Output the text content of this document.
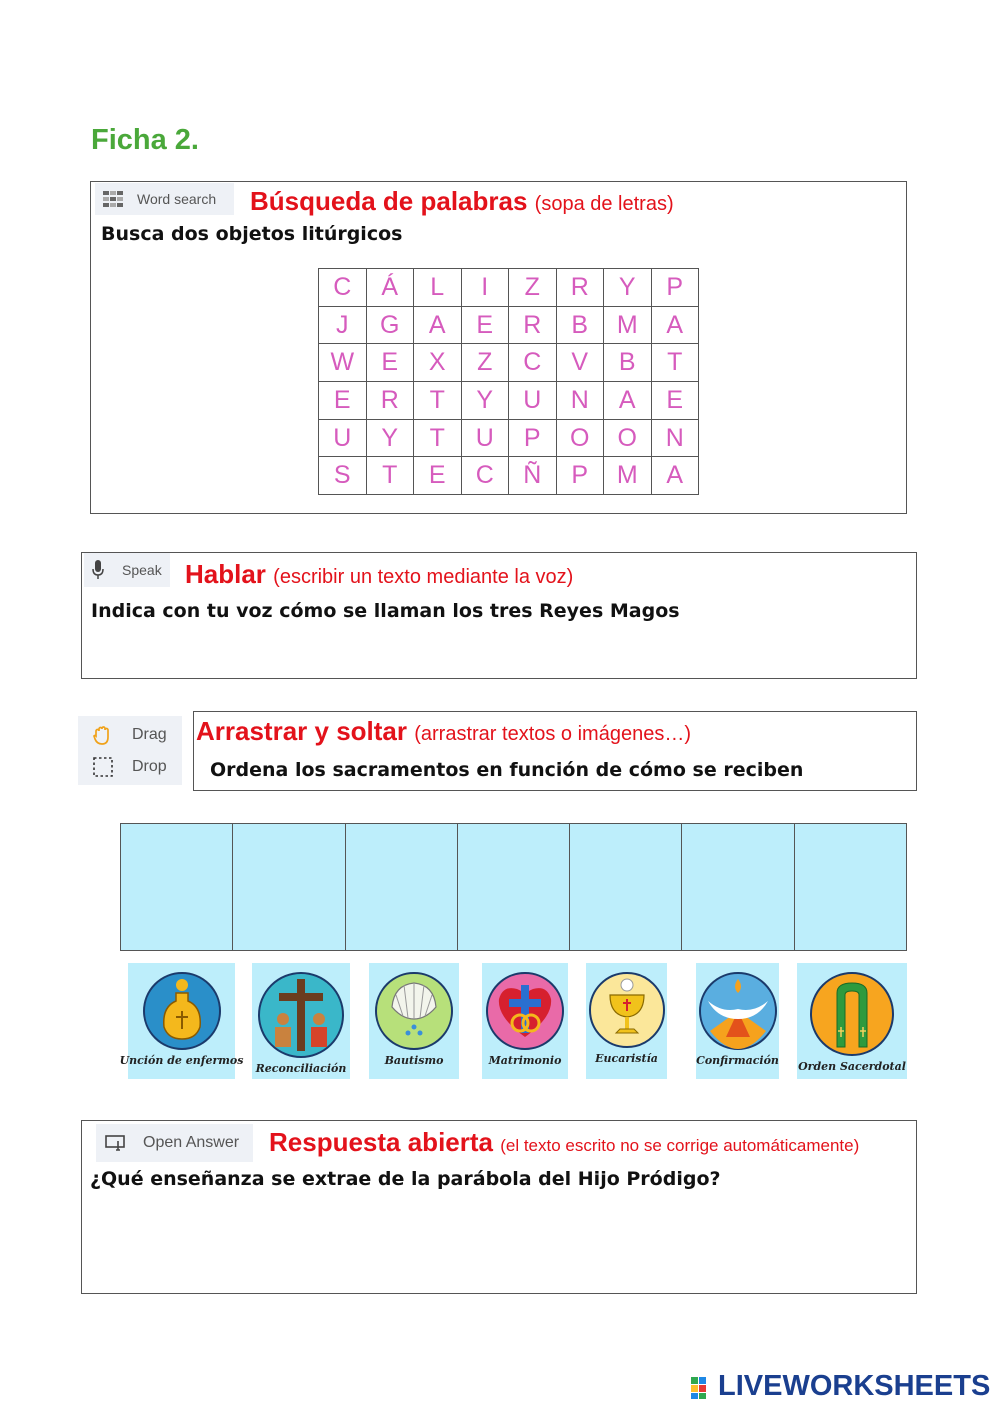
Ficha 2.
Word search Búsqueda de palabras (sopa de letras)
Busca dos objetos litúrgicos
C	Á	L	I	Z	R	Y	P
J	G	A	E	R	B	M	A
W	E	X	Z	C	V	B	T
E	R	T	Y	U	N	A	E
U	Y	T	U	P	O	O	N
S	T	E	C	Ñ	P	M	A
Speak Hablar (escribir un texto mediante la voz)
Indica con tu voz cómo se llaman los tres Reyes Magos
Drag
Drop
Arrastrar y soltar (arrastrar textos o imágenes…)
Ordena los sacramentos en función de cómo se reciben
Unción de enfermos
Reconciliación
Bautismo	Matrimonio	Eucaristía	Confirmación Orden Sacerdotal
Open Answer Respuesta abierta (el texto escrito no se corrige automáticamente)
¿Qué enseñanza se extrae de la parábola del Hijo Pródigo?
LIVEWORKSHEETS
